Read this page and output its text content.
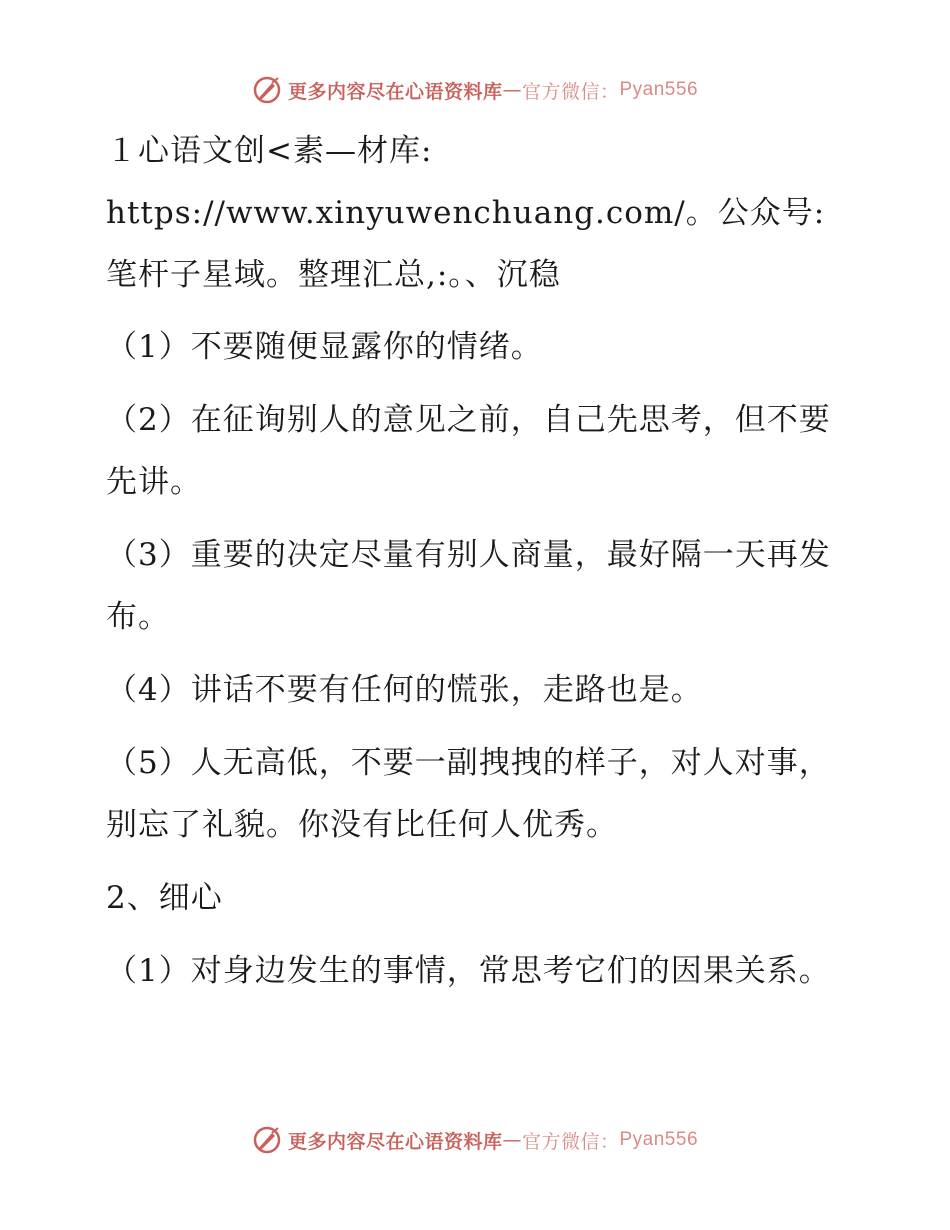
更多内容尽在心语资料库 — 官方微信： Pyan556

１心语文创<素—材库: https://www.xinyuwenchuang.com/。公众号: 笔杆子星域。整理汇总,:。、沉稳

（1）不要随便显露你的情绪。

（2）在征询别人的意见之前，自己先思考，但不要先讲。

（3）重要的决定尽量有别人商量，最好隔一天再发布。

（4）讲话不要有任何的慌张，走路也是。

（5）人无高低，不要一副拽拽的样子，对人对事，别忘了礼貌。你没有比任何人优秀。

2、细心

（1）对身边发生的事情，常思考它们的因果关系。

更多内容尽在心语资料库 — 官方微信： Pyan556
